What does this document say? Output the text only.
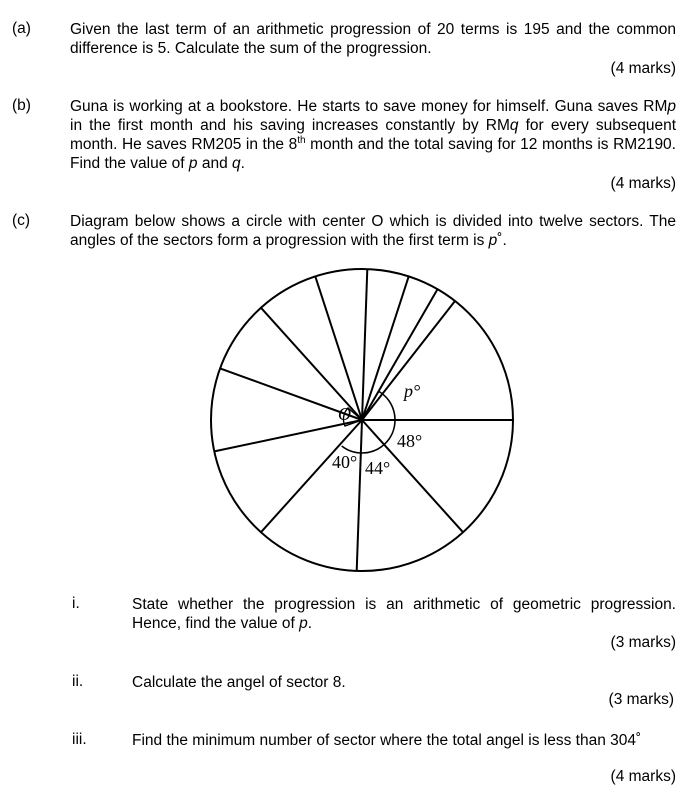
(a)	Given the last term of an arithmetic progression of 20 terms is 195 and the common difference is 5. Calculate the sum of the progression.
(4 marks)
(b)	Guna is working at a bookstore. He starts to save money for himself. Guna saves RMp in the first month and his saving increases constantly by RMq for every subsequent month. He saves RM205 in the 8th month and the total saving for 12 months is RM2190. Find the value of p and q.
(4 marks)
(c)	Diagram below shows a circle with center O which is divided into twelve sectors. The angles of the sectors form a progression with the first term is p˚.
O
p°
48°
44°
40°
i.	State whether the progression is an arithmetic of geometric progression. Hence, find the value of p.
(3 marks)
ii.	Calculate the angel of sector 8.
(3 marks)
iii.	Find the minimum number of sector where the total angel is less than 304˚
(4 marks)
